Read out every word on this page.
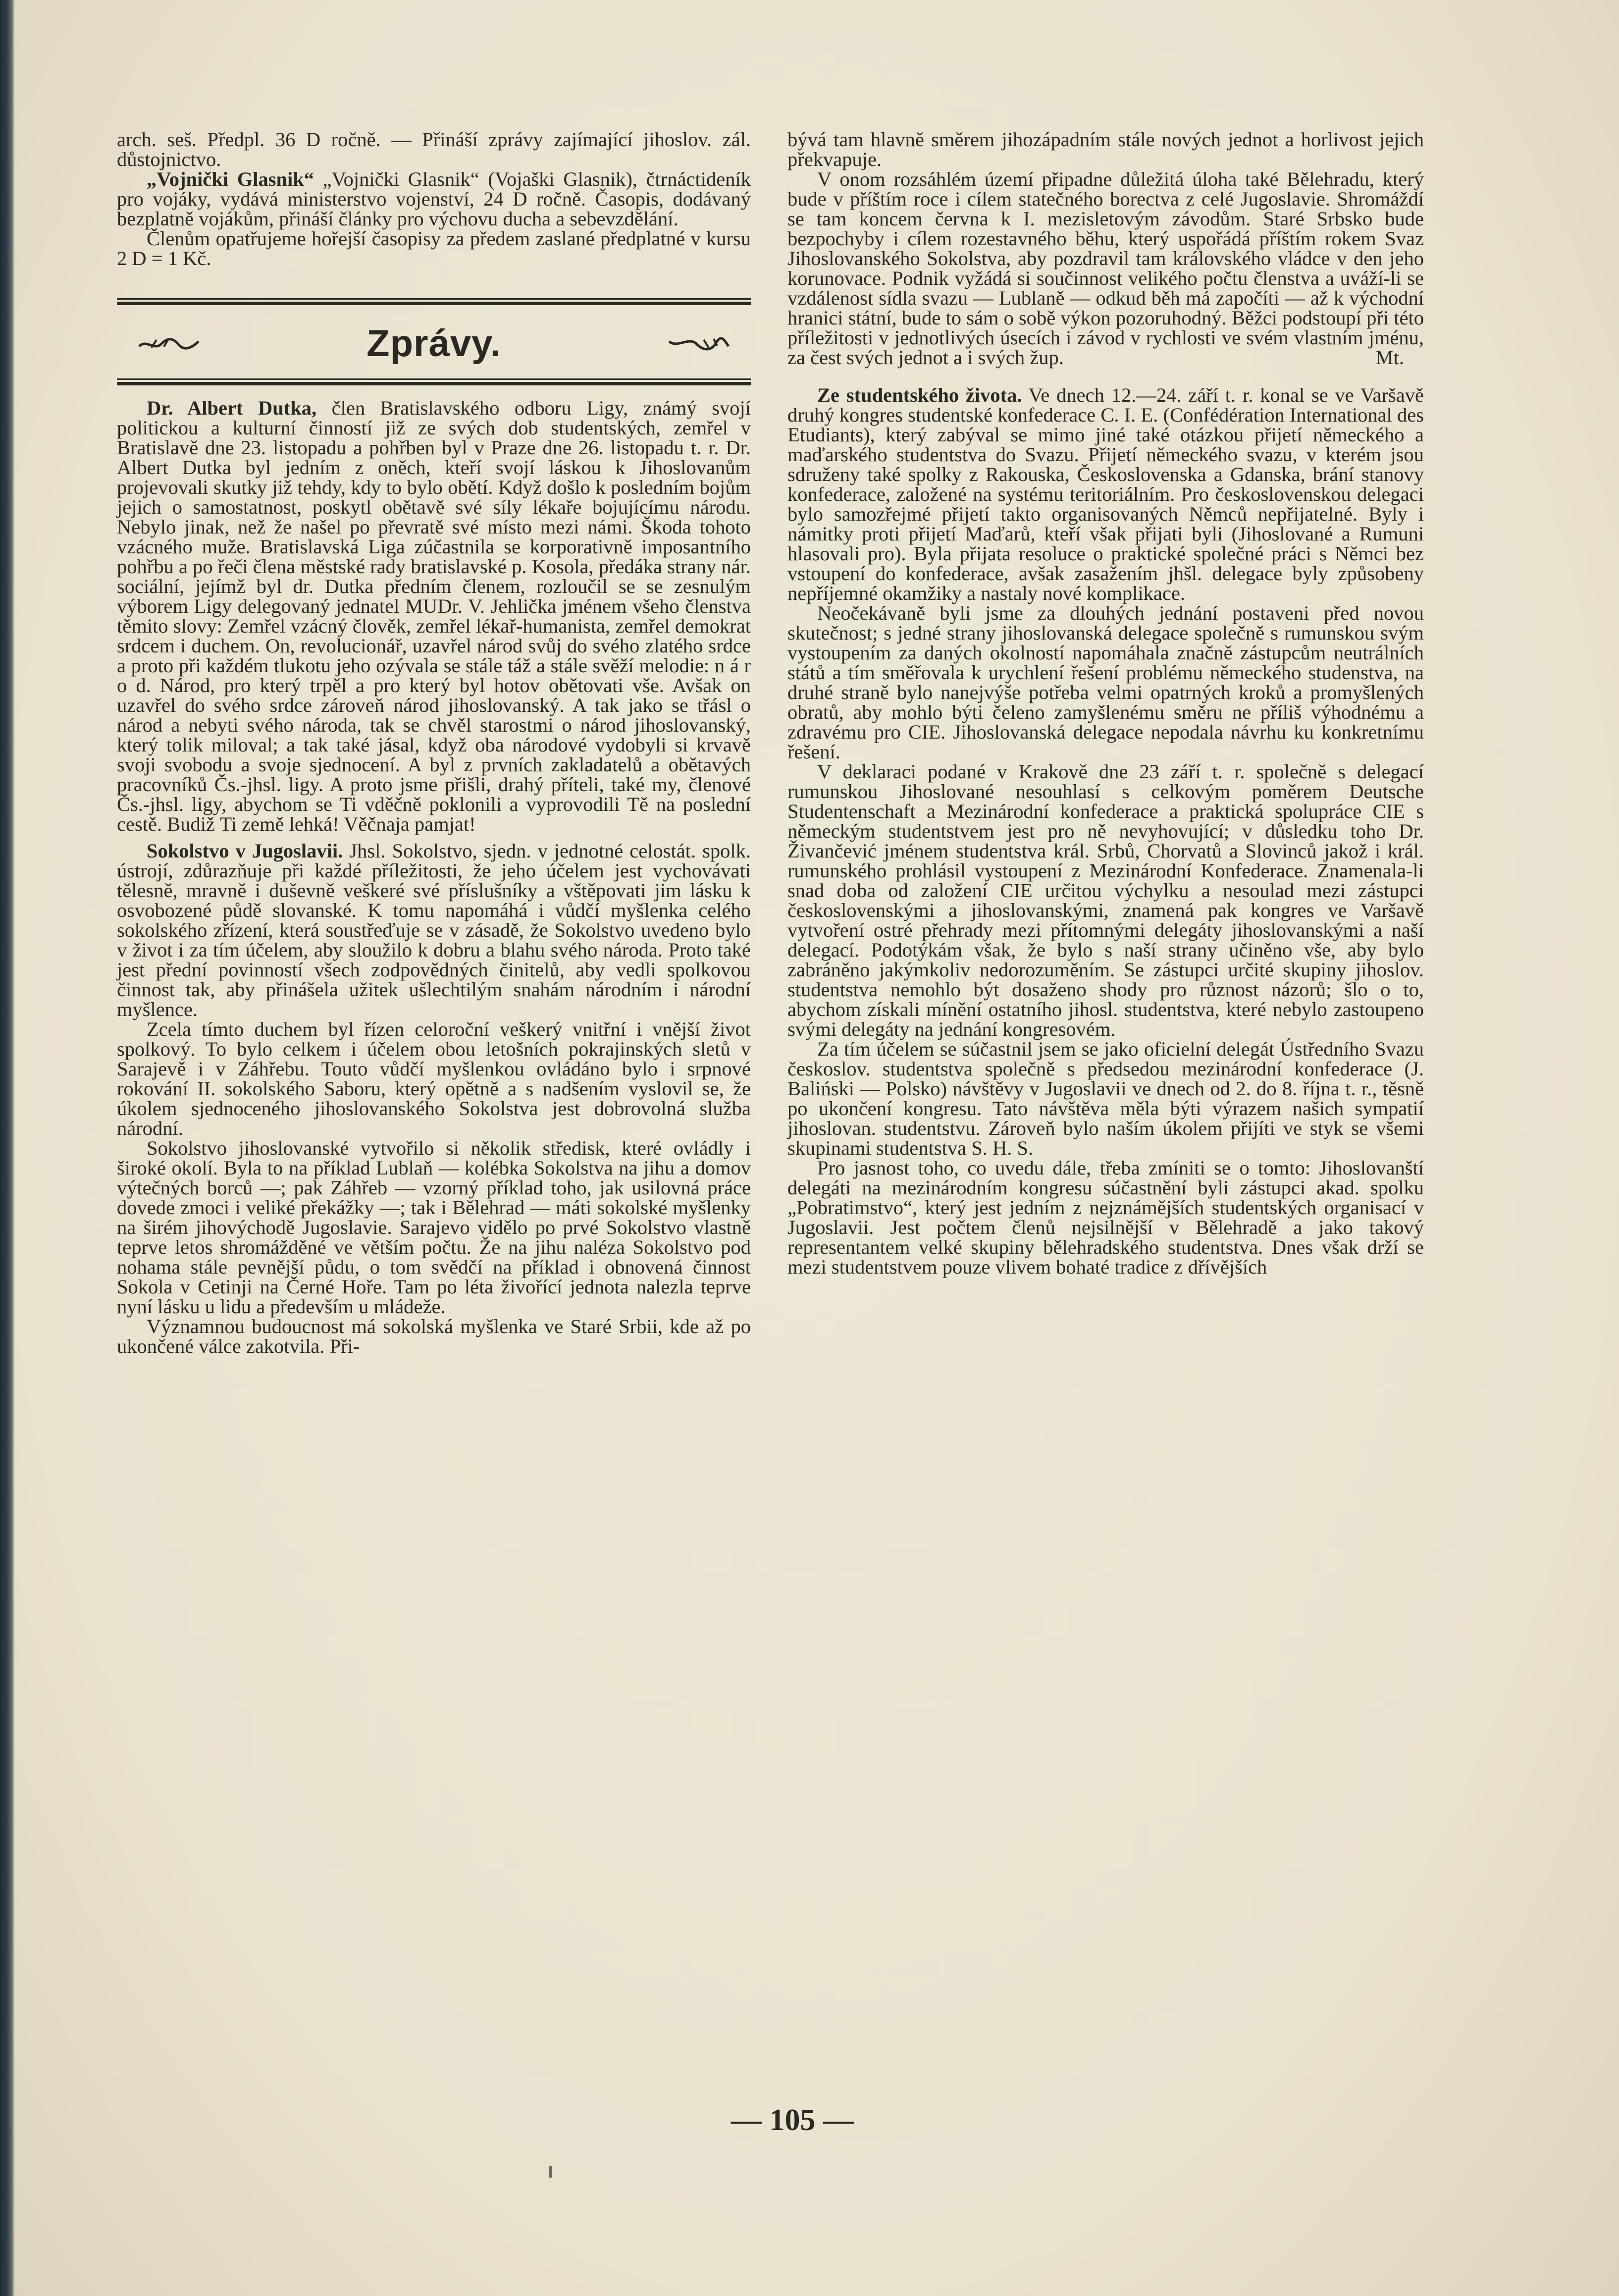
arch. seš. Předpl. 36 D ročně. — Přináší zprávy zajímající jihoslov. zál. důstojnictvo.

„Vojnički Glasnik“ „Vojnički Glasnik“ (Vojaški Glasnik), čtrnáctideník pro vojáky, vydává ministerstvo vojenství, 24 D ročně. Časopis, dodávaný bezplatně vojákům, přináší články pro výchovu ducha a sebevzdělání.

Členům opatřujeme hořejší časopisy za předem zaslané předplatné v kursu 2 D = 1 Kč.

Zprávy.

Dr. Albert Dutka, člen Bratislavského odboru Ligy, známý svojí politickou a kulturní činností již ze svých dob studentských, zemřel v Bratislavě dne 23. listopadu a pohřben byl v Praze dne 26. listopadu t. r. Dr. Albert Dutka byl jedním z oněch, kteří svojí láskou k Jihoslovanům projevovali skutky již tehdy, kdy to bylo obětí. Když došlo k posledním bojům jejich o samostatnost, poskytl obětavě své síly lékaře bojujícímu národu. Nebylo jinak, než že našel po převratě své místo mezi námi. Škoda tohoto vzácného muže. Bratislavská Liga zúčastnila se korporativně imposantního pohřbu a po řeči člena městské rady bratislavské p. Kosola, předáka strany nár. sociální, jejímž byl dr. Dutka předním členem, rozloučil se se zesnulým výborem Ligy delegovaný jednatel MUDr. V. Jehlička jménem všeho členstva těmito slovy: Zemřel vzácný člověk, zemřel lékař-humanista, zemřel demokrat srdcem i duchem. On, revolucionář, uzavřel národ svůj do svého zlatého srdce a proto při každém tlukotu jeho ozývala se stále táž a stále svěží melodie: n á r o d. Národ, pro který trpěl a pro který byl hotov obětovati vše. Avšak on uzavřel do svého srdce zároveň národ jihoslovanský. A tak jako se třásl o národ a nebyti svého národa, tak se chvěl starostmi o národ jihoslovanský, který tolik miloval; a tak také jásal, když oba národové vydobyli si krvavě svoji svobodu a svoje sjednocení. A byl z prvních zakladatelů a obětavých pracovníků Čs.-jhsl. ligy. A proto jsme přišli, drahý příteli, také my, členové Čs.-jhsl. ligy, abychom se Ti vděčně poklonili a vyprovodili Tě na poslední cestě. Budiž Ti země lehká! Věčnaja pamjat!

Sokolstvo v Jugoslavii. Jhsl. Sokolstvo, sjedn. v jednotné celostát. spolk. ústrojí, zdůrazňuje při každé příležitosti, že jeho účelem jest vychovávati tělesně, mravně i duševně veškeré své příslušníky a vštěpovati jim lásku k osvobozené půdě slovanské. K tomu napomáhá i vůdčí myšlenka celého sokolského zřízení, která soustřeďuje se v zásadě, že Sokolstvo uvedeno bylo v život i za tím účelem, aby sloužilo k dobru a blahu svého národa. Proto také jest přední povinností všech zodpovědných činitelů, aby vedli spolkovou činnost tak, aby přinášela užitek ušlechtilým snahám národním i národní myšlence.

Zcela tímto duchem byl řízen celoroční veškerý vnitřní i vnější život spolkový. To bylo celkem i účelem obou letošních pokrajinských sletů v Sarajevě i v Záhřebu. Touto vůdčí myšlenkou ovládáno bylo i srpnové rokování II. sokolského Saboru, který opětně a s nadšením vyslovil se, že úkolem sjednoceného jihoslovanského Sokolstva jest dobrovolná služba národní.

Sokolstvo jihoslovanské vytvořilo si několik středisk, které ovládly i široké okolí. Byla to na příklad Lublaň — kolébka Sokolstva na jihu a domov výtečných borců —; pak Záhřeb — vzorný příklad toho, jak usilovná práce dovede zmoci i veliké překážky —; tak i Bělehrad — máti sokolské myšlenky na širém jihovýchodě Jugoslavie. Sarajevo vidělo po prvé Sokolstvo vlastně teprve letos shromážděné ve větším počtu. Že na jihu naléza Sokolstvo pod nohama stále pevnější půdu, o tom svědčí na příklad i obnovená činnost Sokola v Cetinji na Černé Hoře. Tam po léta živořící jednota nalezla teprve nyní lásku u lidu a především u mládeže.

Významnou budoucnost má sokolská myšlenka ve Staré Srbii, kde až po ukončené válce zakotvila. Při-

bývá tam hlavně směrem jihozápadním stále nových jednot a horlivost jejich překvapuje.

V onom rozsáhlém území připadne důležitá úloha také Bělehradu, který bude v příštím roce i cílem statečného borectva z celé Jugoslavie. Shromáždí se tam koncem června k I. mezisletovým závodům. Staré Srbsko bude bezpochyby i cílem rozestavného běhu, který uspořádá příštím rokem Svaz Jihoslovanského Sokolstva, aby pozdravil tam královského vládce v den jeho korunovace. Podnik vyžádá si součinnost velikého počtu členstva a uváží-li se vzdálenost sídla svazu — Lublaně — odkud běh má započíti — až k východní hranici státní, bude to sám o sobě výkon pozoruhodný. Běžci podstoupí při této příležitosti v jednotlivých úsecích i závod v rychlosti ve svém vlastním jménu, za čest svých jednot a i svých žup.	Mt.

Ze studentského života. Ve dnech 12.—24. září t. r. konal se ve Varšavě druhý kongres studentské konfederace C. I. E. (Confédération International des Etudiants), který zabýval se mimo jiné také otázkou přijetí německého a maďarského studentstva do Svazu. Přijetí německého svazu, v kterém jsou sdruženy také spolky z Rakouska, Československa a Gdanska, brání stanovy konfederace, založené na systému teritoriálním. Pro československou delegaci bylo samozřejmé přijetí takto organisovaných Němců nepřijatelné. Byly i námitky proti přijetí Maďarů, kteří však přijati byli (Jihoslované a Rumuni hlasovali pro). Byla přijata resoluce o praktické společné práci s Němci bez vstoupení do konfederace, avšak zasažením jhšl. delegace byly způsobeny nepříjemné okamžiky a nastaly nové komplikace.

Neočekávaně byli jsme za dlouhých jednání postaveni před novou skutečnost; s jedné strany jihoslovanská delegace společně s rumunskou svým vystoupením za daných okolností napomáhala značně zástupcům neutrálních států a tím směřovala k urychlení řešení problému německého studenstva, na druhé straně bylo nanejvýše potřeba velmi opatrných kroků a promyšlených obratů, aby mohlo býti čeleno zamyšlenému směru ne příliš výhodnému a zdravému pro CIE. Jihoslovanská delegace nepodala návrhu ku konkretnímu řešení.

V deklaraci podané v Krakově dne 23 září t. r. společně s delegací rumunskou Jihoslované nesouhlasí s celkovým poměrem Deutsche Studentenschaft a Mezinárodní konfederace a praktická spolupráce CIE s německým studentstvem jest pro ně nevyhovující; v důsledku toho Dr. Živančević jménem studentstva král. Srbů, Chorvatů a Slovinců jakož i král. rumunského prohlásil vystoupení z Mezinárodní Konfederace. Znamenala-li snad doba od založení CIE určitou výchylku a nesoulad mezi zástupci československými a jihoslovanskými, znamená pak kongres ve Varšavě vytvoření ostré přehrady mezi přítomnými delegáty jihoslovanskými a naší delegací. Podotýkám však, že bylo s naší strany učiněno vše, aby bylo zabráněno jakýmkoliv nedorozuměním. Se zástupci určité skupiny jihoslov. studentstva nemohlo být dosaženo shody pro různost názorů; šlo o to, abychom získali mínění ostatního jihosl. studentstva, které nebylo zastoupeno svými delegáty na jednání kongresovém.

Za tím účelem se súčastnil jsem se jako oficielní delegát Ústředního Svazu českoslov. studentstva společně s předsedou mezinárodní konfederace (J. Baliński — Polsko) návštěvy v Jugoslavii ve dnech od 2. do 8. října t. r., těsně po ukončení kongresu. Tato návštěva měla býti výrazem našich sympatií jihoslovan. studentstvu. Zároveň bylo naším úkolem přijíti ve styk se všemi skupinami studentstva S. H. S.

Pro jasnost toho, co uvedu dále, třeba zmíniti se o tomto: Jihoslovanští delegáti na mezinárodním kongresu súčastnění byli zástupci akad. spolku „Pobratimstvo“, který jest jedním z nejznámějších studentských organisací v Jugoslavii. Jest počtem členů nejsilnější v Bělehradě a jako takový representantem velké skupiny bělehradského studentstva. Dnes však drží se mezi studentstvem pouze vlivem bohaté tradice z dřívějších

— 105 —
